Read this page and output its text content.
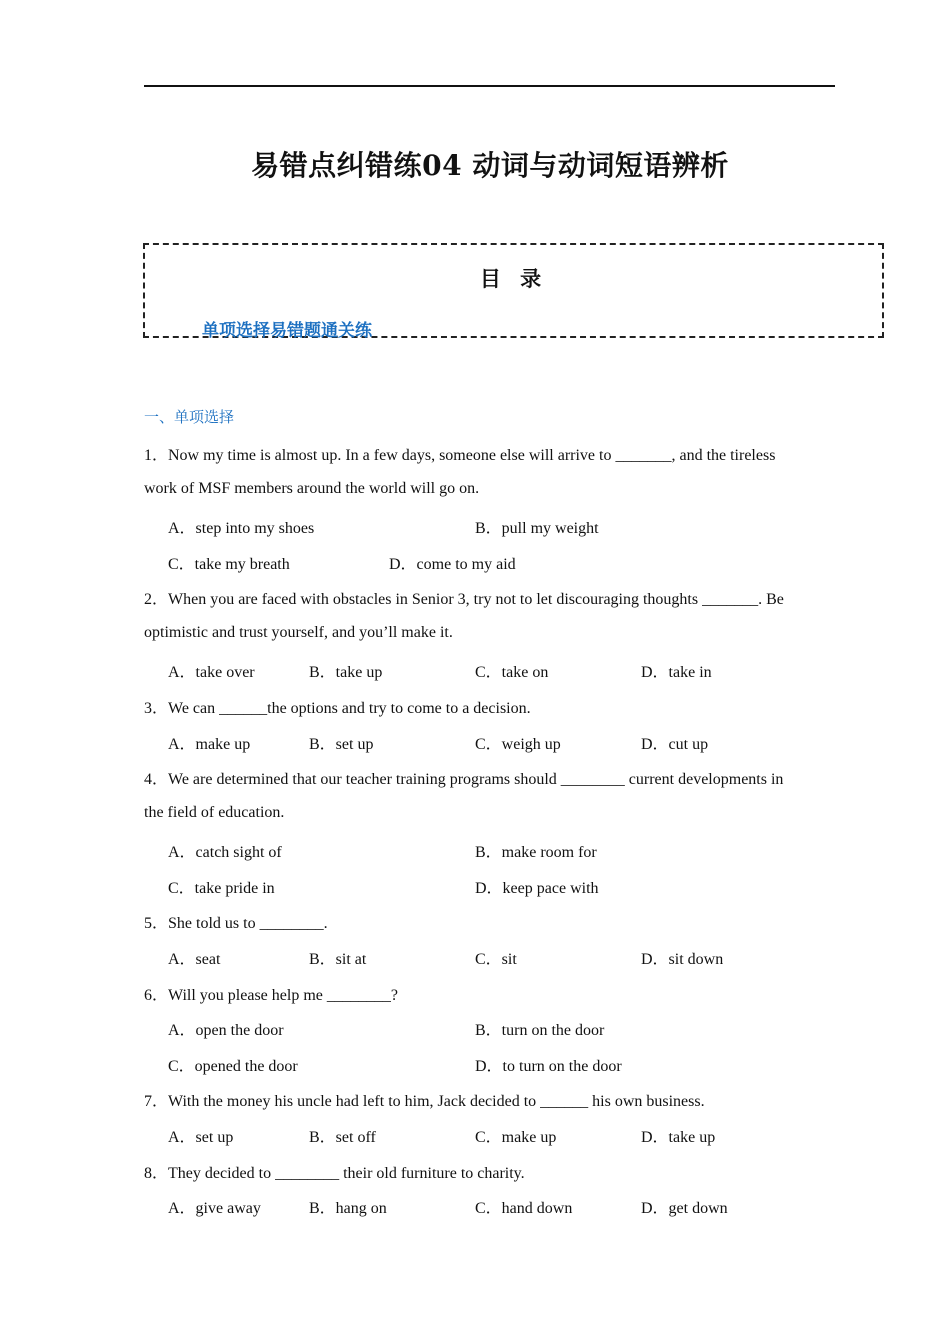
易错点纠错练04 动词与动词短语辨析
目 录
单项选择易错题通关练
一、单项选择
1．Now my time is almost up. In a few days, someone else will arrive to _______, and the tireless
work of MSF members around the world will go on.
A．step into my shoes	B．pull my weight
C．take my breath	D．come to my aid
2．When you are faced with obstacles in Senior 3, try not to let discouraging thoughts _______. Be
optimistic and trust yourself, and you’ll make it.
A．take over	B．take up	C．take on	D．take in
3．We can ______the options and try to come to a decision.
A．make up	B．set up	C．weigh up	D．cut up
4．We are determined that our teacher training programs should ________ current developments in
the field of education.
A．catch sight of	B．make room for
C．take pride in	D．keep pace with
5．She told us to ________.
A．seat	B．sit at	C．sit	D．sit down
6．Will you please help me ________?
A．open the door	B．turn on the door
C．opened the door	D．to turn on the door
7．With the money his uncle had left to him, Jack decided to ______ his own business.
A．set up	B．set off	C．make up	D．take up
8．They decided to ________ their old furniture to charity.
A．give away	B．hang on	C．hand down	D．get down
